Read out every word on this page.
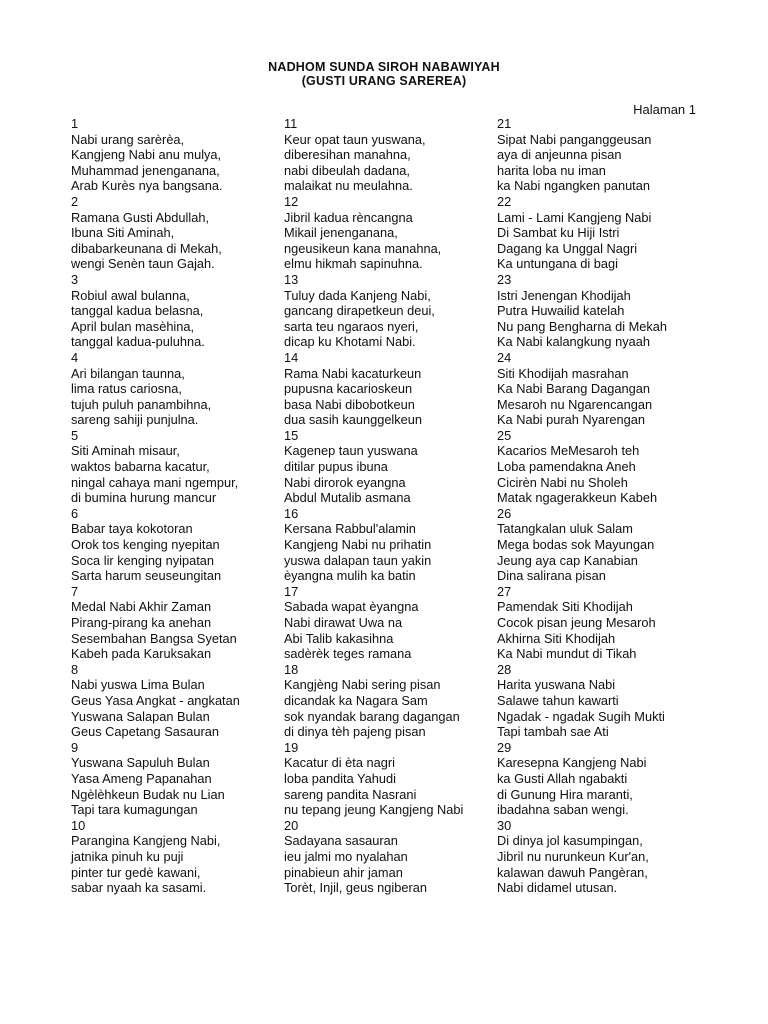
NADHOM SUNDA SIROH NABAWIYAH
(GUSTI URANG SAREREA)
Halaman 1
1
Nabi urang sarèrèa,
Kangjeng Nabi anu mulya,
Muhammad jenenganana,
Arab Kurès nya bangsana.
2
Ramana Gusti Abdullah,
Ibuna Siti Aminah,
dibabarkeunana di Mekah,
wengi Senèn taun Gajah.
3
Robiul awal bulanna,
tanggal kadua belasna,
April bulan masèhina,
tanggal kadua-puluhna.
4
Ari bilangan taunna,
lima ratus cariosna,
tujuh puluh panambihna,
sareng sahiji punjulna.
5
Siti Aminah misaur,
waktos babarna kacatur,
ningal cahaya mani ngempur,
di bumina hurung mancur
6
Babar taya kokotoran
Orok tos kenging nyepitan
Soca lir kenging nyipatan
Sarta harum seuseungitan
7
Medal Nabi Akhir Zaman
Pirang-pirang ka anehan
Sesembahan Bangsa Syetan
Kabeh pada Karuksakan
8
Nabi yuswa Lima Bulan
Geus Yasa Angkat - angkatan
Yuswana Salapan Bulan
Geus Capetang Sasauran
9
Yuswana Sapuluh Bulan
Yasa Ameng Papanahan
Ngèlèhkeun Budak nu Lian
Tapi tara kumagungan
10
Parangina Kangjeng Nabi,
jatnika pinuh ku puji
pinter tur gedè kawani,
sabar nyaah ka sasami.
11
Keur opat taun yuswana,
diberesihan manahna,
nabi dibeulah dadana,
malaikat nu meulahna.
12
Jibril kadua rèncangna
Mikail jenenganana,
ngeusikeun kana manahna,
elmu hikmah sapinuhna.
13
Tuluy dada Kanjeng Nabi,
gancang dirapetkeun deui,
sarta teu ngaraos nyeri,
dicap ku Khotami Nabi.
14
Rama Nabi kacaturkeun
pupusna kacarioskeun
basa Nabi dibobotkeun
dua sasih kaunggelkeun
15
Kagenep taun yuswana
ditilar pupus ibuna
Nabi dirorok eyangna
Abdul Mutalib asmana
16
Kersana Rabbul'alamin
Kangjeng Nabi nu prihatin
yuswa dalapan taun yakin
èyangna mulih ka batin
17
Sabada wapat èyangna
Nabi dirawat Uwa na
Abi Talib kakasihna
sadèrèk teges ramana
18
Kangjèng Nabi sering pisan
dicandak ka Nagara Sam
sok nyandak barang dagangan
di dinya tèh pajeng pisan
19
Kacatur di èta nagri
loba pandita Yahudi
sareng pandita Nasrani
nu tepang jeung Kangjeng Nabi
20
Sadayana sasauran
ieu jalmi mo nyalahan
pinabieun ahir jaman
Torèt, Injil, geus ngiberan
21
Sipat Nabi panganggeusan
aya di anjeunna pisan
harita loba nu iman
ka Nabi ngangken panutan
22
Lami - Lami Kangjeng Nabi
Di Sambat ku Hiji Istri
Dagang ka Unggal Nagri
Ka untungana di bagi
23
Istri Jenengan Khodijah
Putra Huwailid katelah
Nu pang Bengharna di Mekah
Ka Nabi kalangkung nyaah
24
Siti Khodijah masrahan
Ka Nabi Barang Dagangan
Mesaroh nu Ngarencangan
Ka Nabi purah Nyarengan
25
Kacarios MeMesaroh teh
Loba pamendakna Aneh
Cicirèn Nabi nu Sholeh
Matak ngagerakkeun Kabeh
26
Tatangkalan uluk Salam
Mega bodas sok Mayungan
Jeung aya cap Kanabian
Dina salirana pisan
27
Pamendak Siti Khodijah
Cocok pisan jeung Mesaroh
Akhirna Siti Khodijah
Ka Nabi mundut di Tikah
28
Harita yuswana Nabi
Salawe tahun kawarti
Ngadak - ngadak Sugih Mukti
Tapi tambah sae Ati
29
Karesepna Kangjeng Nabi
ka Gusti Allah ngabakti
di Gunung Hira maranti,
ibadahna saban wengi.
30
Di dinya jol kasumpingan,
Jibril nu nurunkeun Kur'an,
kalawan dawuh Pangèran,
Nabi didamel utusan.
